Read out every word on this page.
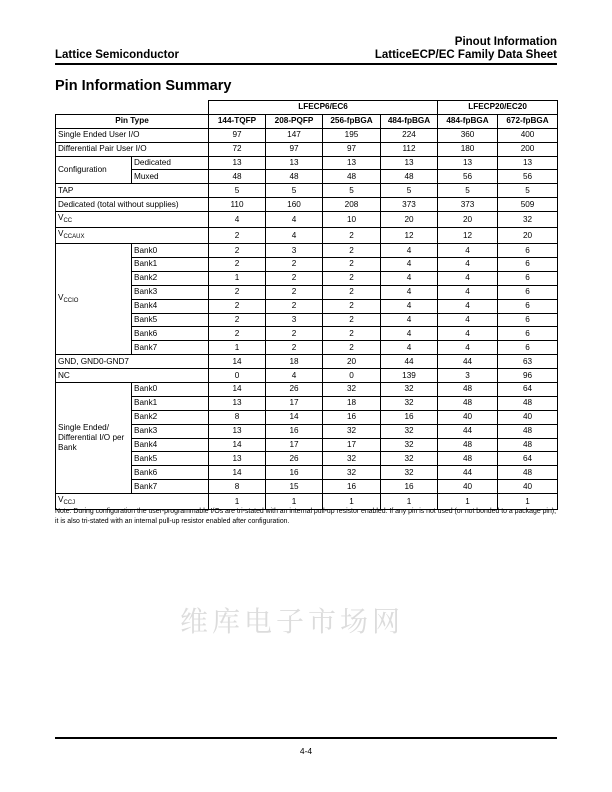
Pinout Information
Lattice Semiconductor	LatticeECP/EC Family Data Sheet
Pin Information Summary
		LFECP6/EC6				LFECP20/EC20	
Pin Type		144-TQFP	208-PQFP	256-fpBGA	484-fpBGA	484-fpBGA	672-fpBGA
Single Ended User I/O		97	147	195	224	360	400
Differential Pair User I/O		72	97	97	112	180	200
Configuration	Dedicated	13	13	13	13	13	13
	Muxed	48	48	48	48	56	56
TAP		5	5	5	5	5	5
Dedicated (total without supplies)		110	160	208	373	373	509
$V_{CC}$		4	4	10	20	20	32
$V_{CCAUX}$		2	4	2	12	12	20
$V_{CCIO}$	Bank0	2	3	2	4	4	6
	Bank1	2	2	2	4	4	6
	Bank2	1	2	2	4	4	6
	Bank3	2	2	2	4	4	6
	Bank4	2	2	2	4	4	6
	Bank5	2	3	2	4	4	6
	Bank6	2	2	2	4	4	6
	Bank7	1	2	2	4	4	6
GND, GND0-GND7		14	18	20	44	44	63
NC		0	4	0	139	3	96
Single Ended/ Differential I/O per Bank	Bank0	14	26	32	32	48	64
	Bank1	13	17	18	32	48	48
	Bank2	8	14	16	16	40	40
	Bank3	13	16	32	32	44	48
	Bank4	14	17	17	32	48	48
	Bank5	13	26	32	32	48	64
	Bank6	14	16	32	32	44	48
	Bank7	8	15	16	16	40	40
$V_{CCJ}$		1	1	1	1	1	1
Note: During configuration the user-programmable I/Os are tri-stated with an internal pull-up resistor enabled. If any pin is not used (or not bonded to a package pin), it is also tri-stated with an internal pull-up resistor enabled after configuration.
维库电子市场网
4-4
